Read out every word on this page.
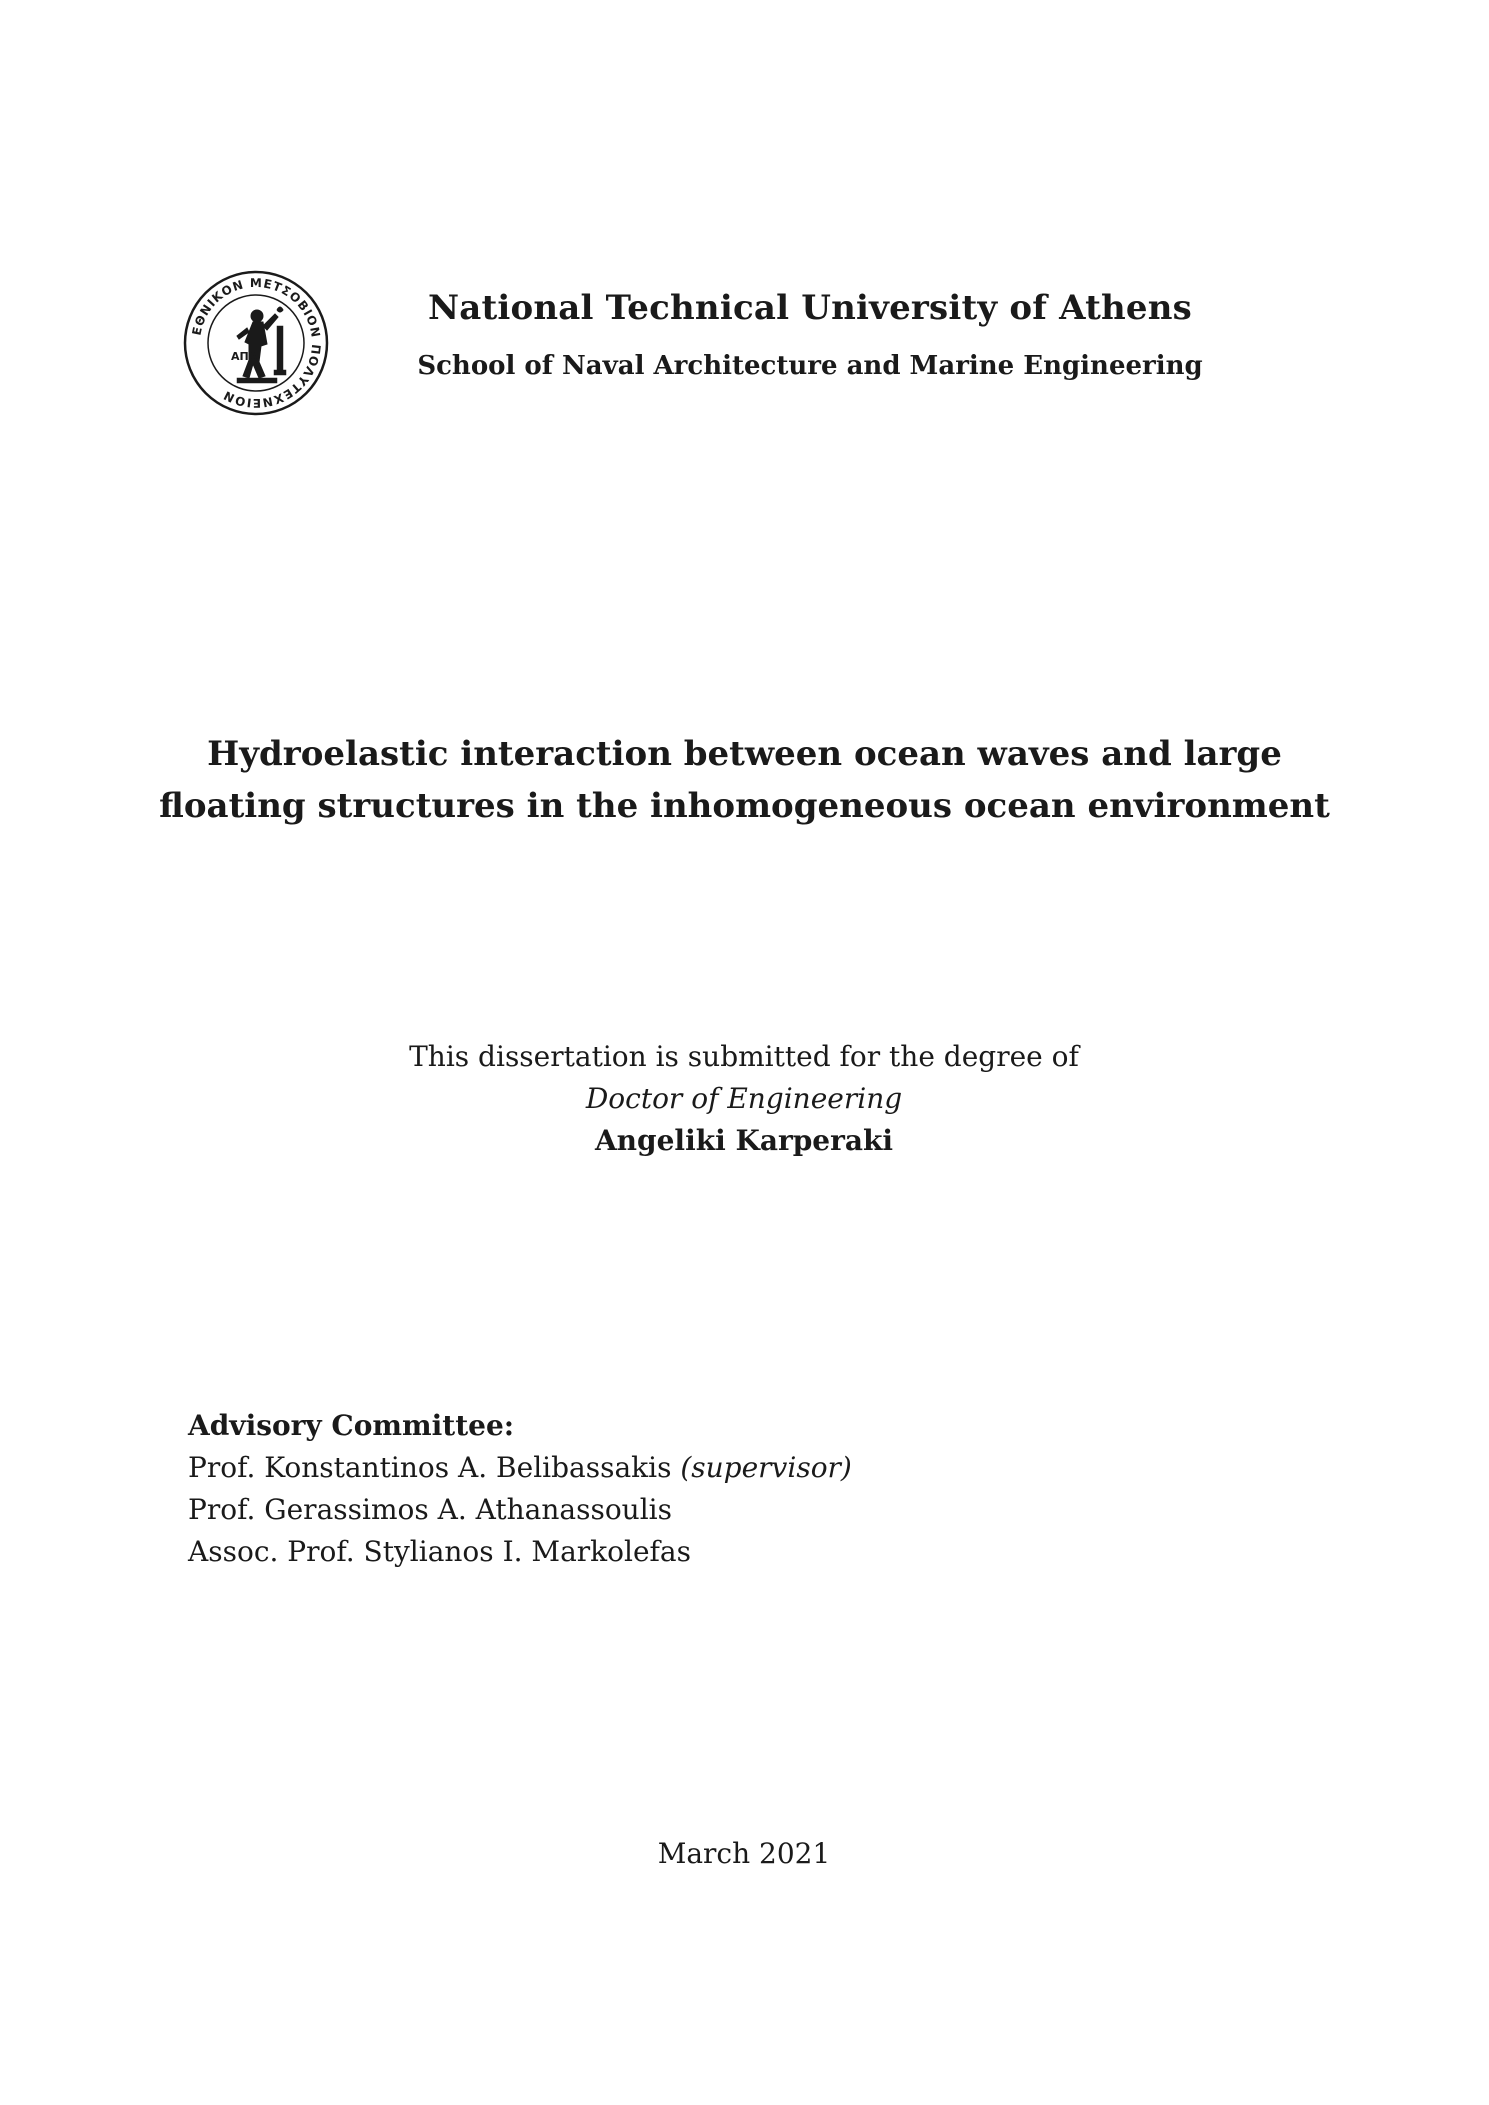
ΕΘΝΙΚΟΝ ΜΕΤΣΟΒΙΟΝ ΠΟΛΥΤΕΧΝΕΙΟΝ
ΑΠΛ
National Technical University of Athens
School of Naval Architecture and Marine Engineering
Hydroelastic interaction between ocean waves and large
floating structures in the inhomogeneous ocean environment
This dissertation is submitted for the degree of
Doctor of Engineering
Angeliki Karperaki
Advisory Committee:
Prof. Konstantinos A. Belibassakis (supervisor)
Prof. Gerassimos A. Athanassoulis
Assoc. Prof. Stylianos I. Markolefas
March 2021
